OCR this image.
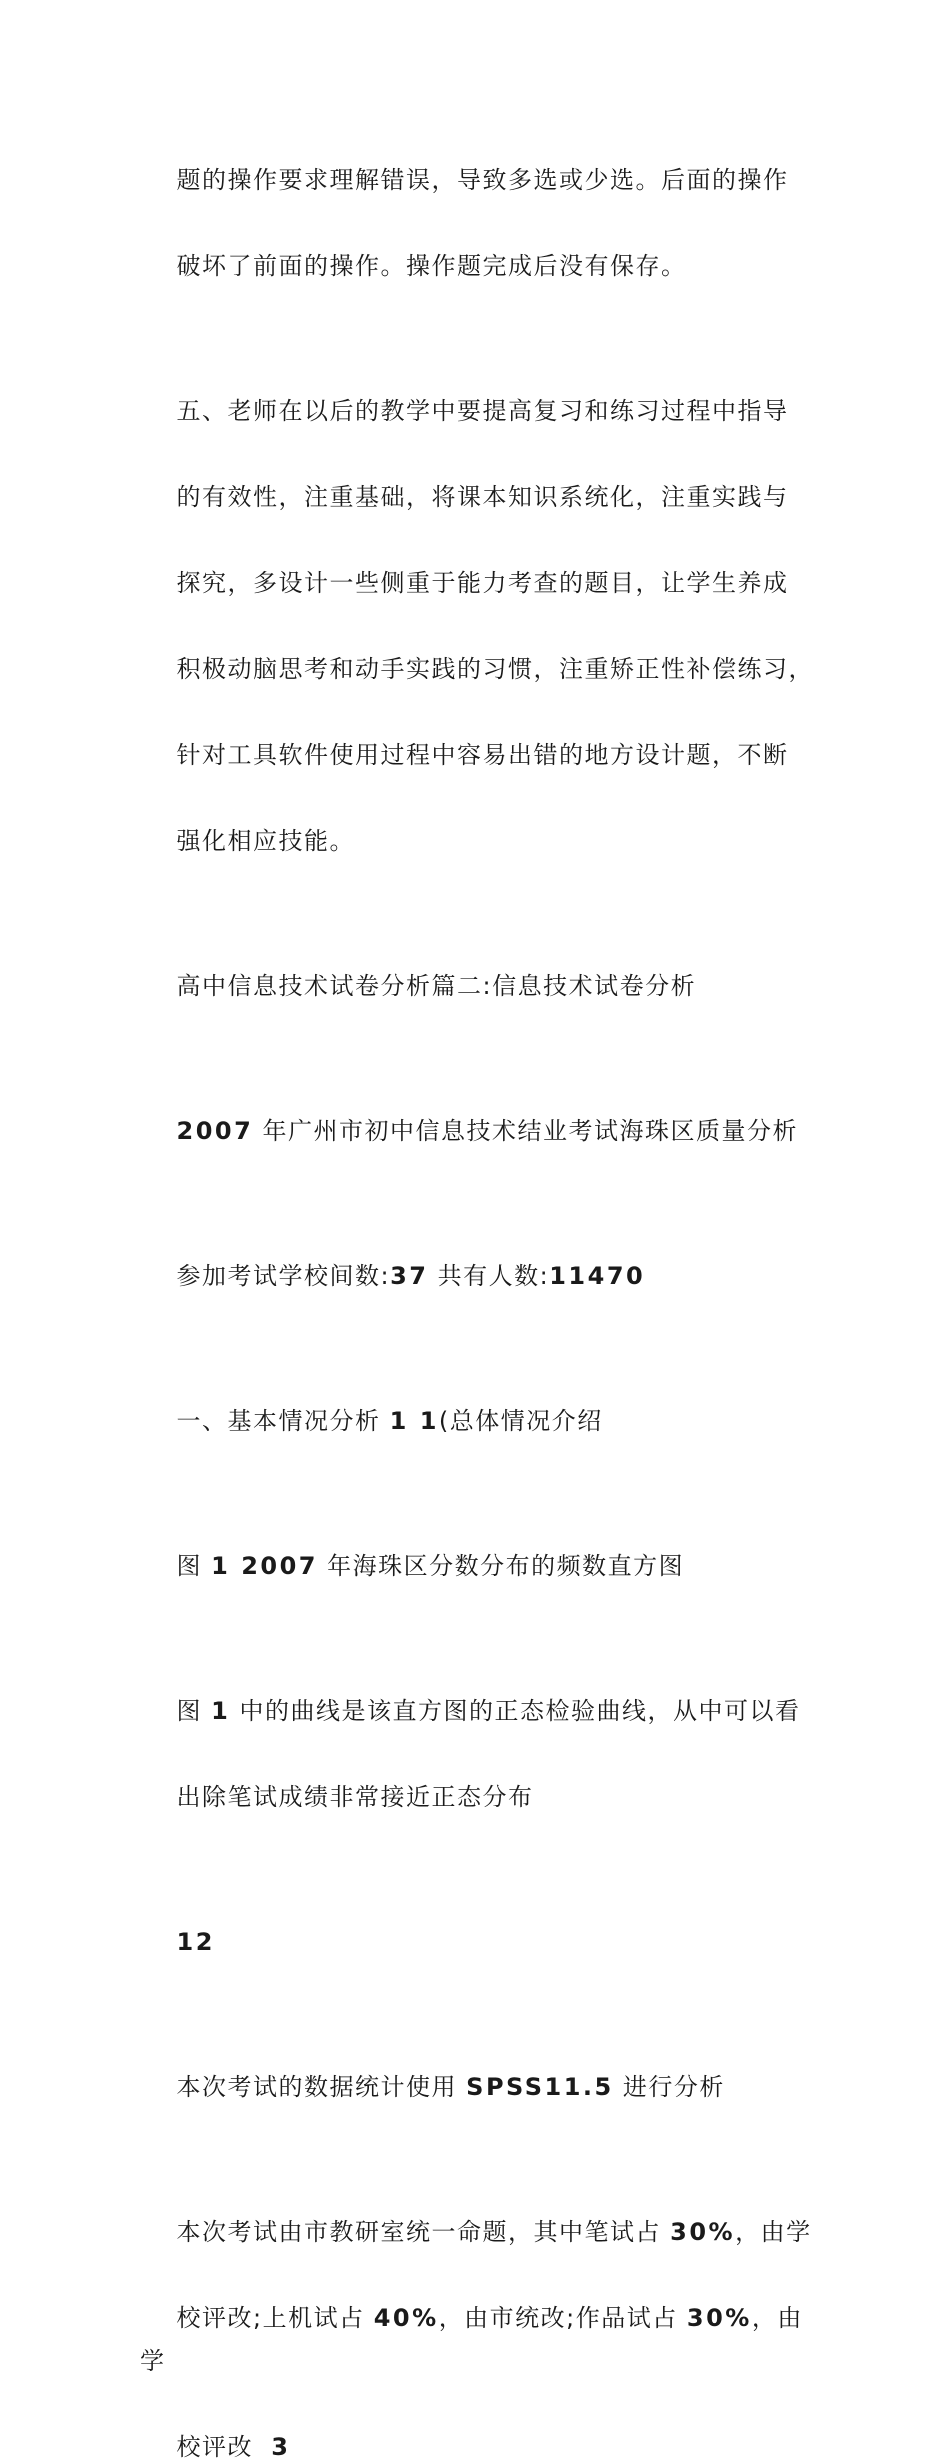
题的操作要求理解错误，导致多选或少选。后面的操作

破坏了前面的操作。操作题完成后没有保存。

五、老师在以后的教学中要提高复习和练习过程中指导

的有效性，注重基础，将课本知识系统化，注重实践与

探究，多设计一些侧重于能力考查的题目，让学生养成

积极动脑思考和动手实践的习惯，注重矫正性补偿练习，

针对工具软件使用过程中容易出错的地方设计题，不断

强化相应技能。

高中信息技术试卷分析篇二:信息技术试卷分析

2007 年广州市初中信息技术结业考试海珠区质量分析

参加考试学校间数:37 共有人数:11470

一、基本情况分析 1 1(总体情况介绍

图 1 2007 年海珠区分数分布的频数直方图

图 1 中的曲线是该直方图的正态检验曲线，从中可以看

出除笔试成绩非常接近正态分布

12

本次考试的数据统计使用 SPSS11.5 进行分析

本次考试由市教研室统一命题，其中笔试占 30%，由学

校评改;上机试占 40%，由市统改;作品试占 30%，由学

校评改  3
